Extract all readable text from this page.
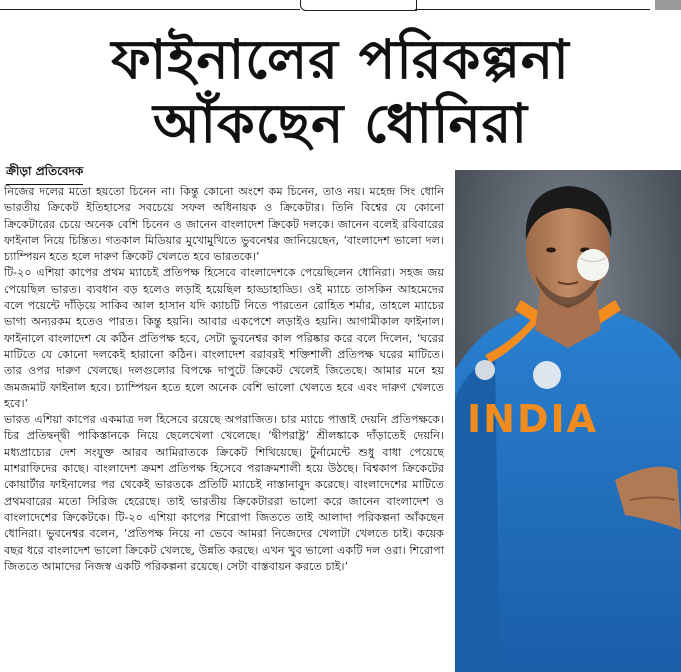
ফাইনালের পরিকল্পনা
আঁকছেন ধোনিরা
ক্রীড়া প্রতিবেদক

নিজের দলের মতো হয়তো চিনেন না। কিন্তু কোনো অংশে কম চিনেন, তাও নয়। মহেন্দ্র সিং ধোনি ভারতীয় ক্রিকেট ইতিহাসের সবচেয়ে সফল অধিনায়ক ও ক্রিকেটার। তিনি বিশ্বের যে কোনো ক্রিকেটারের চেয়ে অনেক বেশি চিনেন ও জানেন বাংলাদেশ ক্রিকেট দলকে। জানেন বলেই রবিবারের ফাইনাল নিয়ে চিন্তিত। গতকাল মিডিয়ার মুখোমুখিতে ভুবনেশ্বর জানিয়েছেন, ‘বাংলাদেশ ভালো দল। চ্যাম্পিয়ন হতে হলে দারুণ ক্রিকেট খেলতে হবে ভারতকে।’

টি-২০ এশিয়া কাপের প্রথম ম্যাচেই প্রতিপক্ষ হিসেবে বাংলাদেশকে পেয়েছিলেন ধোনিরা। সহজ জয় পেয়েছিল ভারত। ব্যবধান বড় হলেও লড়াই হয়েছিল হাড্ডাহাড্ডি। ওই ম্যাচে তাসকিন আহমেদের বলে পয়েন্টে দাঁড়িয়ে সাকিব আল হাসান যদি ক্যাচটি নিতে পারতেন রোহিত শর্মার, তাহলে ম্যাচের ভাগ্য অন্যরকম হতেও পারত। কিন্তু হয়নি। আবার একপেশে লড়াইও হয়নি। আগামীকাল ফাইনাল। ফাইনালে বাংলাদেশ যে কঠিন প্রতিপক্ষ হবে, সেটা ভুবনেশ্বর কাল পরিষ্কার করে বলে দিলেন, ‘ঘরের মাটিতে যে কোনো দলকেই হারানো কঠিন। বাংলাদেশ বরাবরই শক্তিশালী প্রতিপক্ষ ঘরের মাটিতে। তার ওপর দারুণ খেলছে। দলগুলোর বিপক্ষে দাপুটে ক্রিকেট খেলেই জিতেছে। আমার মনে হয় জমজমাট ফাইনাল হবে। চ্যাম্পিয়ন হতে হলে অনেক বেশি ভালো খেলতে হবে এবং দারুণ খেলতে হবে।’

ভারত এশিয়া কাপের একমাত্র দল হিসেবে রয়েছে অপরাজিত। চার ম্যাচে পাত্তাই দেয়নি প্রতিপক্ষকে। চির প্রতিদ্বন্দ্বী পাকিস্তানকে নিয়ে ছেলেখেলা খেলেছে। ‘দ্বীপরাষ্ট্র’ শ্রীলঙ্কাকে দাঁড়াতেই দেয়নি। মধ্যপ্রাচ্যের দেশ সংযুক্ত আরব আমিরাতকে ক্রিকেট শিখিয়েছে। টুর্নামেন্টে শুধু বাধা পেয়েছে মাশরাফিদের কাছে। বাংলাদেশ ক্রমশ প্রতিপক্ষ হিসেবে পরাক্রমশালী হয়ে উঠছে। বিশ্বকাপ ক্রিকেটের কোয়ার্টার ফাইনালের পর থেকেই ভারতকে প্রতিটি ম্যাচেই নাস্তানাবুদ করেছে। বাংলাদেশের মাটিতে প্রথমবারের মতো সিরিজ হেরেছে। তাই ভারতীয় ক্রিকেটাররা ভালো করে জানেন বাংলাদেশ ও বাংলাদেশের ক্রিকেটকে। টি-২০ এশিয়া কাপের শিরোপা জিততে তাই আলাদা পরিকল্পনা আঁকছেন ধোনিরা। ভুবনেশ্বর বলেন, ‘প্রতিপক্ষ নিয়ে না ভেবে আমরা নিজেদের খেলাটা খেলতে চাই। কয়েক বছর ধরে বাংলাদেশ ভালো ক্রিকেট খেলছে, উন্নতি করছে। এখন খুব ভালো একটি দল ওরা। শিরোপা জিততে আমাদের নিজস্ব একটি পরিকল্পনা রয়েছে। সেটা বাস্তবায়ন করতে চাই।’

INDIA
